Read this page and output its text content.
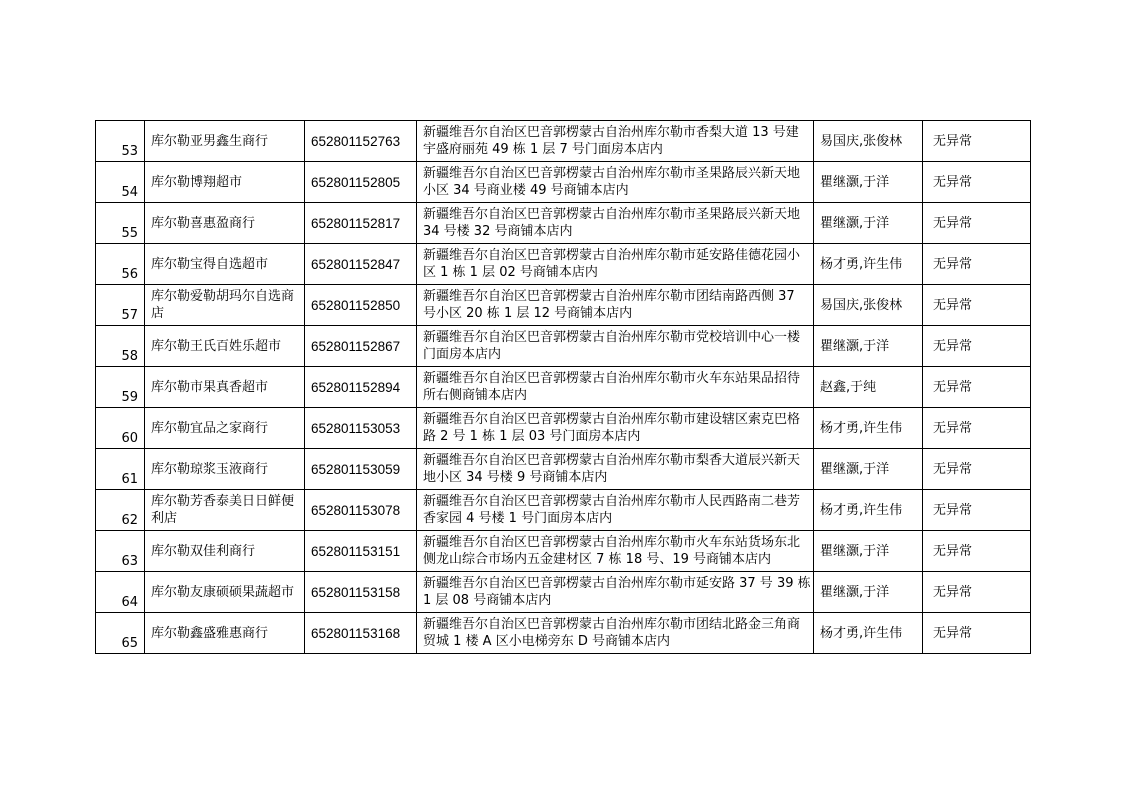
53	库尔勒亚男鑫生商行	652801152763	新疆维吾尔自治区巴音郭楞蒙古自治州库尔勒市香梨大道 13 号建宇盛府丽苑 49 栋 1 层 7 号门面房本店内	易国庆,张俊林	无异常
54	库尔勒博翔超市	652801152805	新疆维吾尔自治区巴音郭楞蒙古自治州库尔勒市圣果路辰兴新天地小区 34 号商业楼 49 号商铺本店内	瞿继灏,于洋	无异常
55	库尔勒喜惠盈商行	652801152817	新疆维吾尔自治区巴音郭楞蒙古自治州库尔勒市圣果路辰兴新天地 34 号楼 32 号商铺本店内	瞿继灏,于洋	无异常
56	库尔勒宝得自选超市	652801152847	新疆维吾尔自治区巴音郭楞蒙古自治州库尔勒市延安路佳德花园小区 1 栋 1 层 02 号商铺本店内	杨才勇,许生伟	无异常
57	库尔勒爱勒胡玛尔自选商店	652801152850	新疆维吾尔自治区巴音郭楞蒙古自治州库尔勒市团结南路西侧 37 号小区 20 栋 1 层 12 号商铺本店内	易国庆,张俊林	无异常
58	库尔勒王氏百姓乐超市	652801152867	新疆维吾尔自治区巴音郭楞蒙古自治州库尔勒市党校培训中心一楼门面房本店内	瞿继灏,于洋	无异常
59	库尔勒市果真香超市	652801152894	新疆维吾尔自治区巴音郭楞蒙古自治州库尔勒市火车东站果品招待所右侧商铺本店内	赵鑫,于纯	无异常
60	库尔勒宜品之家商行	652801153053	新疆维吾尔自治区巴音郭楞蒙古自治州库尔勒市建设辖区索克巴格路 2 号 1 栋 1 层 03 号门面房本店内	杨才勇,许生伟	无异常
61	库尔勒琼浆玉液商行	652801153059	新疆维吾尔自治区巴音郭楞蒙古自治州库尔勒市梨香大道辰兴新天地小区 34 号楼 9 号商铺本店内	瞿继灏,于洋	无异常
62	库尔勒芳香泰美日日鲜便利店	652801153078	新疆维吾尔自治区巴音郭楞蒙古自治州库尔勒市人民西路南二巷芳香家园 4 号楼 1 号门面房本店内	杨才勇,许生伟	无异常
63	库尔勒双佳利商行	652801153151	新疆维吾尔自治区巴音郭楞蒙古自治州库尔勒市火车东站货场东北侧龙山综合市场内五金建材区 7 栋 18 号、19 号商铺本店内	瞿继灏,于洋	无异常
64	库尔勒友康硕硕果蔬超市	652801153158	新疆维吾尔自治区巴音郭楞蒙古自治州库尔勒市延安路 37 号 39 栋 1 层 08 号商铺本店内	瞿继灏,于洋	无异常
65	库尔勒鑫盛雅惠商行	652801153168	新疆维吾尔自治区巴音郭楞蒙古自治州库尔勒市团结北路金三角商贸城 1 楼 A 区小电梯旁东 D 号商铺本店内	杨才勇,许生伟	无异常
